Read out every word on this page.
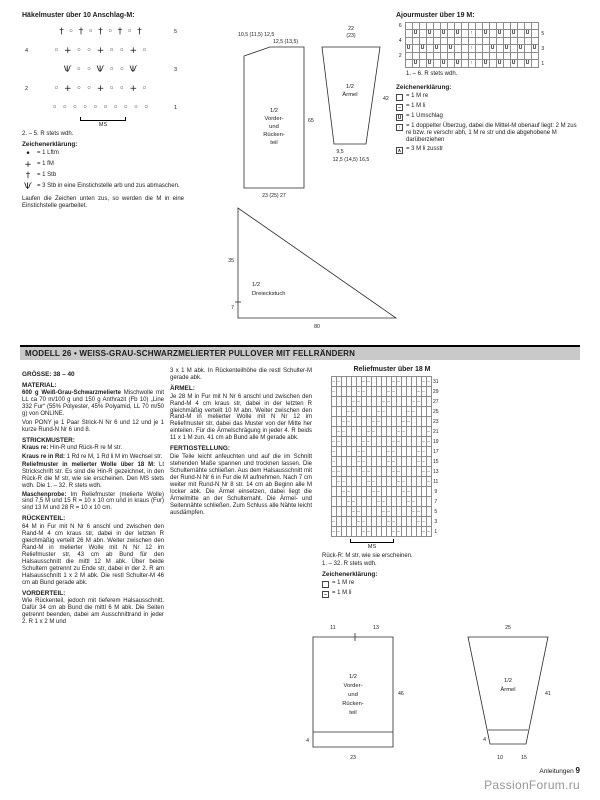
Häkelmuster über 10 Anschlag-M:
† ◦ † ◦ † ◦ † ◦ †	5
4	◦ + ◦ ◦ + ◦ ◦ + ◦
Ѱ ◦ ◦ Ѱ ◦ ◦ Ѱ	3
2	◦ + ◦ ◦ + ◦ ◦ + ◦
◦ ◦ ◦ ◦ ◦ ◦ ◦ ◦ ◦ ◦	1
MS
2. – 5. R stets wdh.
Zeichenerklärung:
•	= 1 Lftm
+ = 1 fM
†	= 1 Stb
Ѱ = 3 Stb in eine Einstichstelle arb und zus abmaschen.

Laufen die Zeichen unten zus, so werden die M in eine Einstichstelle gearbeitet.

10,5 (11,5) 12,5
12,5 (13,5)
65
23 (25) 27
1/2
Vorder-
und
Rücken-
teil
22
(23)
42
9,5
12,5 (14,5) 16,5
1/2
Ärmel
35
7
80
1/2
Dreieckstuch
Ajourmuster über 19 M:
6																				
		U		U		U		U		↑		U		U		U		U		5
4																				
	U		U		U		U			↑			U		U		U		U	3
2																				
		U		U		U		U		↑		U		U		U		U		1
1. – 6. R stets wdh.
Zeichenerklärung:
= 1 M re
– = 1 M li
U = 1 Umschlag
↑ = 1 doppelter Überzug, dabei die Mittel-M obenauf liegt: 2 M zus re bzw. re verschr abh, 1 M re str und die abgehobene M darüberziehen
∧ = 3 M li zusstr
MODELL 26 • WEISS-GRAU-SCHWARZMELIERTER PULLOVER MIT FELLRÄNDERN
GRÖSSE: 38 – 40
MATERIAL:

600 g Weiß-Grau-Schwarzmelierte Mischwolle mit LL ca 70 m/100 g und 150 g Anthrazit (Fb 10) „Line 332 Fur“ (55% Polyester, 45% Polyamid, LL 70 m/50 g) von ONLINE.

Von PONY je 1 Paar Strick-N Nr 6 und 12 und je 1 kurze Rund-N Nr 6 und 8.

STRICKMUSTER:

Kraus re: Hin-R und Rück-R re M str.

Kraus re in Rd: 1 Rd re M, 1 Rd li M im Wechsel str.

Reliefmuster in melierter Wolle über 18 M: Lt Strickschrift str. Es sind die Hin-R gezeichnet, in den Rück-R die M str, wie sie erscheinen. Den MS stets wdh. Die 1. – 32. R stets wdh.

Maschenprobe: Im Reliefmuster (melierte Wolle) sind 7,5 M und 15 R = 10 x 10 cm und in kraus (Fur) sind 13 M und 28 R = 10 x 10 cm.

RÜCKENTEIL:

64 M in Fur mit N Nr 6 anschl und zwischen den Rand-M 4 cm kraus str, dabei in der letzten R gleichmäßig verteilt 26 M abn. Weiter zwischen den Rand-M in melierter Wolle mit N Nr 12 im Reliefmuster str, 43 cm ab Bund für den Halsausschnitt die mittl 12 M abk. Über beide Schultern getrennt zu Ende str, dabei in der 2. R am Halsausschnitt 1 x 2 M abk. Die restl Schulter-M 46 cm ab Bund gerade abk.

VORDERTEIL:

Wie Rückenteil, jedoch mit tieferem Halsausschnitt. Dafür 34 cm ab Bund die mittl 6 M abk. Die Seiten getrennt beenden, dabei am Ausschnittrand in jeder 2. R 1 x 2 M und

3 x 1 M abk. In Rückenteilhöhe die restl Schulter-M gerade abk.

ÄRMEL:

Je 28 M in Fur mit N Nr 6 anschl und zwischen den Rand-M 4 cm kraus str, dabei in der letzten R gleichmäßig verteilt 10 M abn. Weiter zwischen den Rand-M in melierter Wolle mit N Nr 12 im Reliefmuster str, dabei das Muster von der Mitte her einteilen. Für die Ärmelschrägung in jeder 4. R beids 11 x 1 M zun. 41 cm ab Bund alle M gerade abk.

FERTIGSTELLUNG:

Die Teile leicht anfeuchten und auf die im Schnitt stehenden Maße spannen und trocknen lassen. Die Schulternähte schließen. Aus dem Halsausschnitt mit der Rund-N Nr 6 in Fur die M aufnehmen. Nach 7 cm weiter mit Rund-N Nr 8 str. 14 cm ab Beginn alle M locker abk. Die Ärmel einsetzen, dabei liegt die Ärmelmitte an der Schulternaht. Die Ärmel- und Seitennähte schließen. Zum Schluss alle Nähte leicht ausdämpfen.

Reliefmuster über 18 M
	–	–					–	–					–	–					–	–	31
	–					–	–					–	–					–	–		29
					–	–					–	–					–	–			27
				–	–					–	–					–	–				25
			–	–					–	–					–	–					23
		–	–					–	–					–	–					–	21
	–	–					–	–					–	–					–	–	19
	–					–	–					–	–					–	–		17
	–					–	–					–	–					–	–		15
	–	–					–	–					–	–					–	–	13
		–	–					–	–					–	–					–	11
			–	–					–	–					–	–					9
				–	–					–	–					–	–				7
					–	–					–	–					–	–			5
	–					–	–					–	–					–	–		3
	–	–					–	–					–	–					–	–	1
MS
Rück-R: M str, wie sie erscheinen.
1. – 32. R stets wdh.
Zeichenerklärung:
= 1 M re
– = 1 M li
11	13
46
4
23
1/2
Vorder-
und
Rücken-
teil
25
41
4
10	15
1/2
Ärmel
Anleitungen 9
PassionForum.ru
